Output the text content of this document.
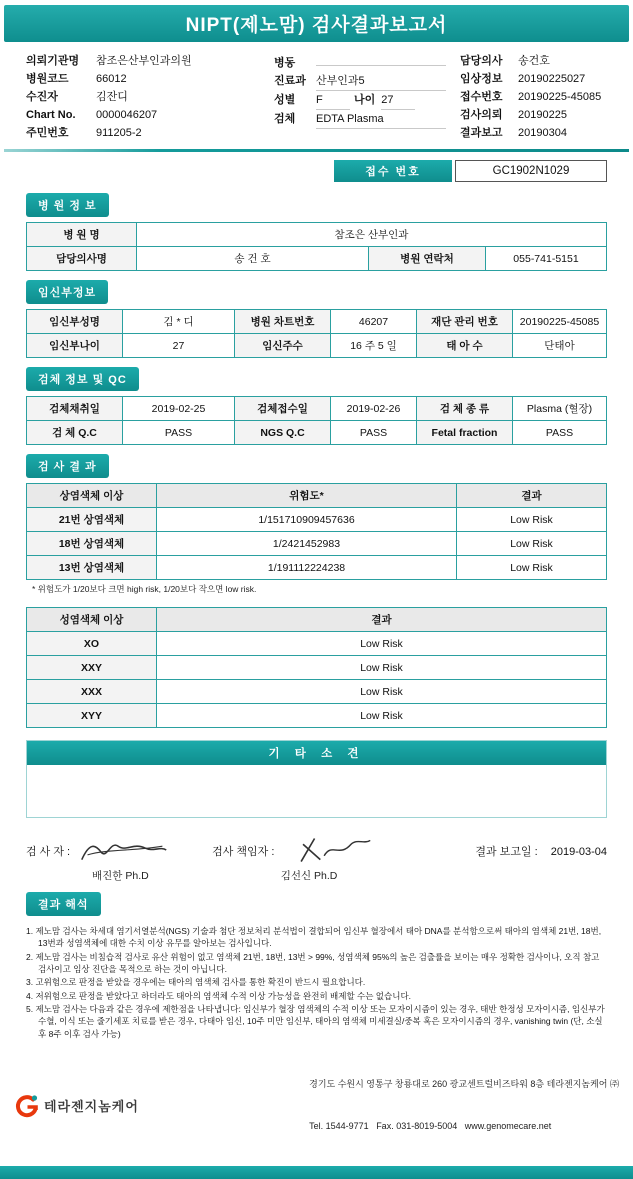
NIPT(제노맘) 검사결과보고서
의뢰기관명	참조은산부인과의원
병원코드	66012
수진자	김잔디
Chart No.	0000046207
주민번호	911205-2
병동
진료과 산부인과5
성별	F	나이 27
검체	EDTA Plasma
담당의사	송건호
임상정보	20190225027
접수번호	20190225-45085
검사의뢰	20190225
결과보고	20190304
접수 번호	GC1902N1029
병 원 정 보
병 원 명	참조은 산부인과		
담당의사명	송 건 호	병원 연락처	055-741-5151
임신부정보
임신부성명	김 * 디	병원 차트번호	46207	재단 관리 번호	20190225-45085
임신부나이	27	임신주수	16 주 5 일	태 아 수	단태아
검체 정보 및 QC
검체채취일	2019-02-25	검체접수일	2019-02-26	검 체 종 류	Plasma (혈장)
검 체 Q.C	PASS	NGS Q.C	PASS	Fetal fraction	PASS
검 사 결 과
상염색체 이상	위험도*	결과
21번 상염색체	1/151710909457636	Low Risk
18번 상염색체	1/2421452983	Low Risk
13번 상염색체	1/191112224238	Low Risk
* 위험도가 1/20보다 크면 high risk, 1/20보다 작으면 low risk.
성염색체 이상	결과
XO	Low Risk
XXY	Low Risk
XXX	Low Risk
XYY	Low Risk
기 타 소 견
검 사 자 :	검사 책임자 :	결과 보고일 : 2019-03-04
배진한 Ph.D	김선신 Ph.D
결과 해석
1. 제노맘 검사는 차세대 염기서열분석(NGS) 기술과 첨단 정보처리 분석법이 결합되어 임신부 혈장에서 태아 DNA를 분석함으로써 태아의 염색체 21번, 18번, 13번과 성염색체에 대한 수치 이상 유무를 알아보는 검사입니다.
2. 제노맘 검사는 비침습적 검사로 유산 위험이 없고 염색체 21번, 18번, 13번 > 99%, 성염색체 95%의 높은 검출률을 보이는 매우 정확한 검사이나, 오직 참고검사이고 임상 진단을 목적으로 하는 것이 아닙니다.
3. 고위험으로 판정을 받았을 경우에는 태아의 염색체 검사를 통한 확진이 반드시 필요합니다.
4. 저위험으로 판정을 받았다고 하더라도 태아의 염색체 수적 이상 가능성을 완전히 배제할 수는 없습니다.
5. 제노맘 검사는 다음과 같은 경우에 제한점을 나타냅니다: 임신부가 혈장 염색체의 수적 이상 또는 모자이시즘이 있는 경우, 태반 한정성 모자이시즘, 임신부가 수혈, 이식 또는 줄기세포 치료를 받은 경우, 다태아 임신, 10주 미만 임신부, 태아의 염색체 미세결실/중복 혹은 모자이시즘의 경우, vanishing twin (단, 소실 후 8주 이후 검사 가능)
테라젠지놈케어

경기도 수원시 영통구 창룡대로 260 광교센트럴비즈타워 8층 테라젠지놈케어 ㈜

Tel. 1544-9771   Fax. 031-8019-5004   www.genomecare.net
